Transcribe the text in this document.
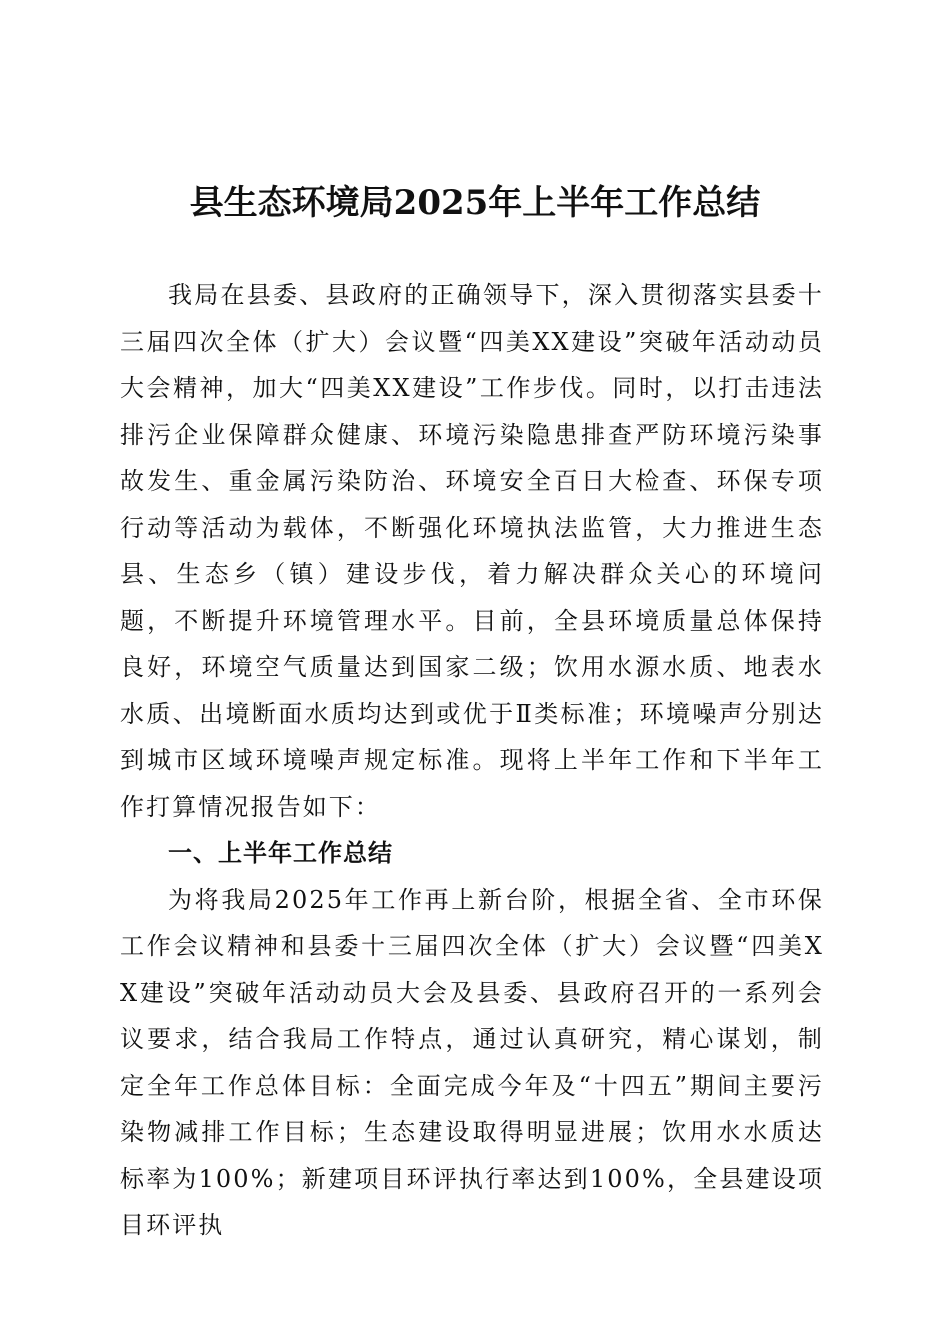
县生态环境局2025年上半年工作总结

我局在县委、县政府的正确领导下，深入贯彻落实县委十三届四次全体（扩大）会议暨“四美XX建设”突破年活动动员大会精神，加大“四美XX建设”工作步伐。同时，以打击违法排污企业保障群众健康、环境污染隐患排查严防环境污染事故发生、重金属污染防治、环境安全百日大检查、环保专项行动等活动为载体，不断强化环境执法监管，大力推进生态县、生态乡（镇）建设步伐，着力解决群众关心的环境问题，不断提升环境管理水平。目前，全县环境质量总体保持良好，环境空气质量达到国家二级；饮用水源水质、地表水水质、出境断面水质均达到或优于Ⅱ类标准；环境噪声分别达到城市区域环境噪声规定标准。现将上半年工作和下半年工作打算情况报告如下：

一、上半年工作总结

为将我局2025年工作再上新台阶，根据全省、全市环保工作会议精神和县委十三届四次全体（扩大）会议暨“四美XX建设”突破年活动动员大会及县委、县政府召开的一系列会议要求，结合我局工作特点，通过认真研究，精心谋划，制定全年工作总体目标：全面完成今年及“十四五”期间主要污染物减排工作目标；生态建设取得明显进展；饮用水水质达标率为100%；新建项目环评执行率达到100%，全县建设项目环评执
